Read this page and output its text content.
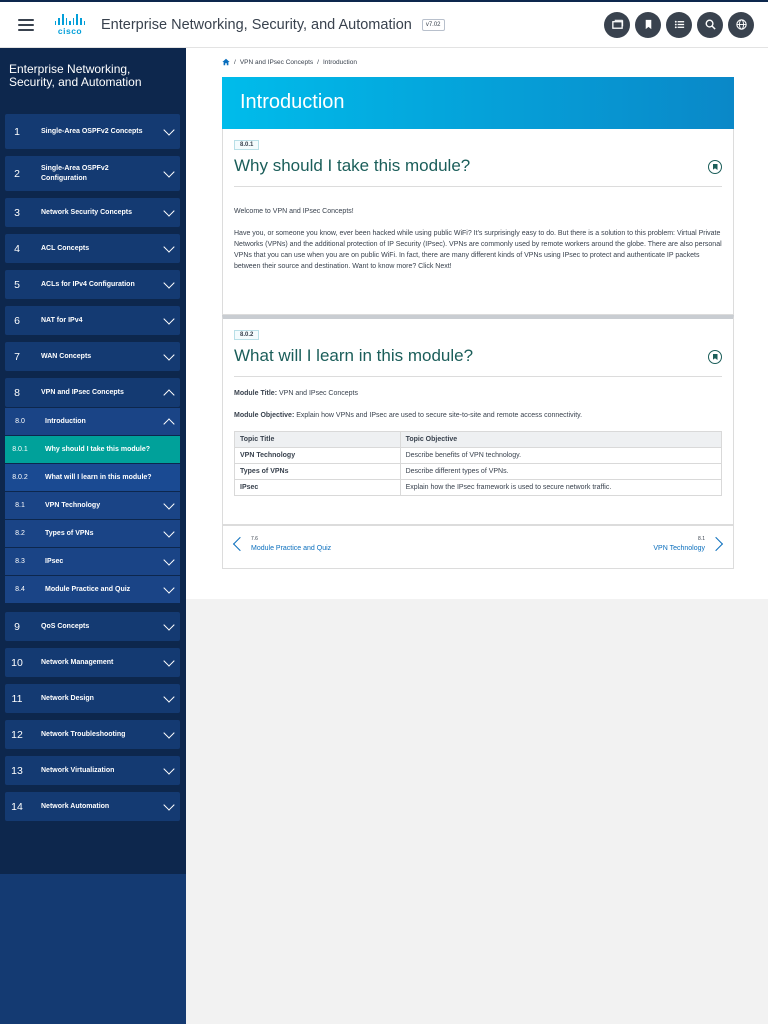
cisco Enterprise Networking, Security, and Automation	v7.02
Enterprise Networking, Security, and Automation
1	Single-Area OSPFv2 Concepts
2	Single-Area OSPFv2 Configuration
3	Network Security Concepts
4	ACL Concepts
5	ACLs for IPv4 Configuration
6	NAT for IPv4
7	WAN Concepts
8	VPN and IPsec Concepts
8.0	Introduction
8.0.1	Why should I take this module?
8.0.2	What will I learn in this module?
8.1	VPN Technology
8.2	Types of VPNs
8.3	IPsec
8.4	Module Practice and Quiz
9	QoS Concepts
10	Network Management
11	Network Design
12	Network Troubleshooting
13	Network Virtualization
14	Network Automation
/ VPN and IPsec Concepts / Introduction
Introduction
8.0.1
Why should I take this module?

Welcome to VPN and IPsec Concepts!

Have you, or someone you know, ever been hacked while using public WiFi? It's surprisingly easy to do. But there is a solution to this problem: Virtual Private Networks (VPNs) and the additional protection of IP Security (IPsec). VPNs are commonly used by remote workers around the globe. There are also personal VPNs that you can use when you are on public WiFi. In fact, there are many different kinds of VPNs using IPsec to protect and authenticate IP packets between their source and destination. Want to know more? Click Next!

8.0.2
What will I learn in this module?

Module Title: VPN and IPsec Concepts

Module Objective: Explain how VPNs and IPsec are used to secure site-to-site and remote access connectivity.

Topic Title	Topic Objective
VPN Technology	Describe benefits of VPN technology.
Types of VPNs	Describe different types of VPNs.
IPsec	Explain how the IPsec framework is used to secure network traffic.
7.6
Module Practice and Quiz
8.1
VPN Technology
